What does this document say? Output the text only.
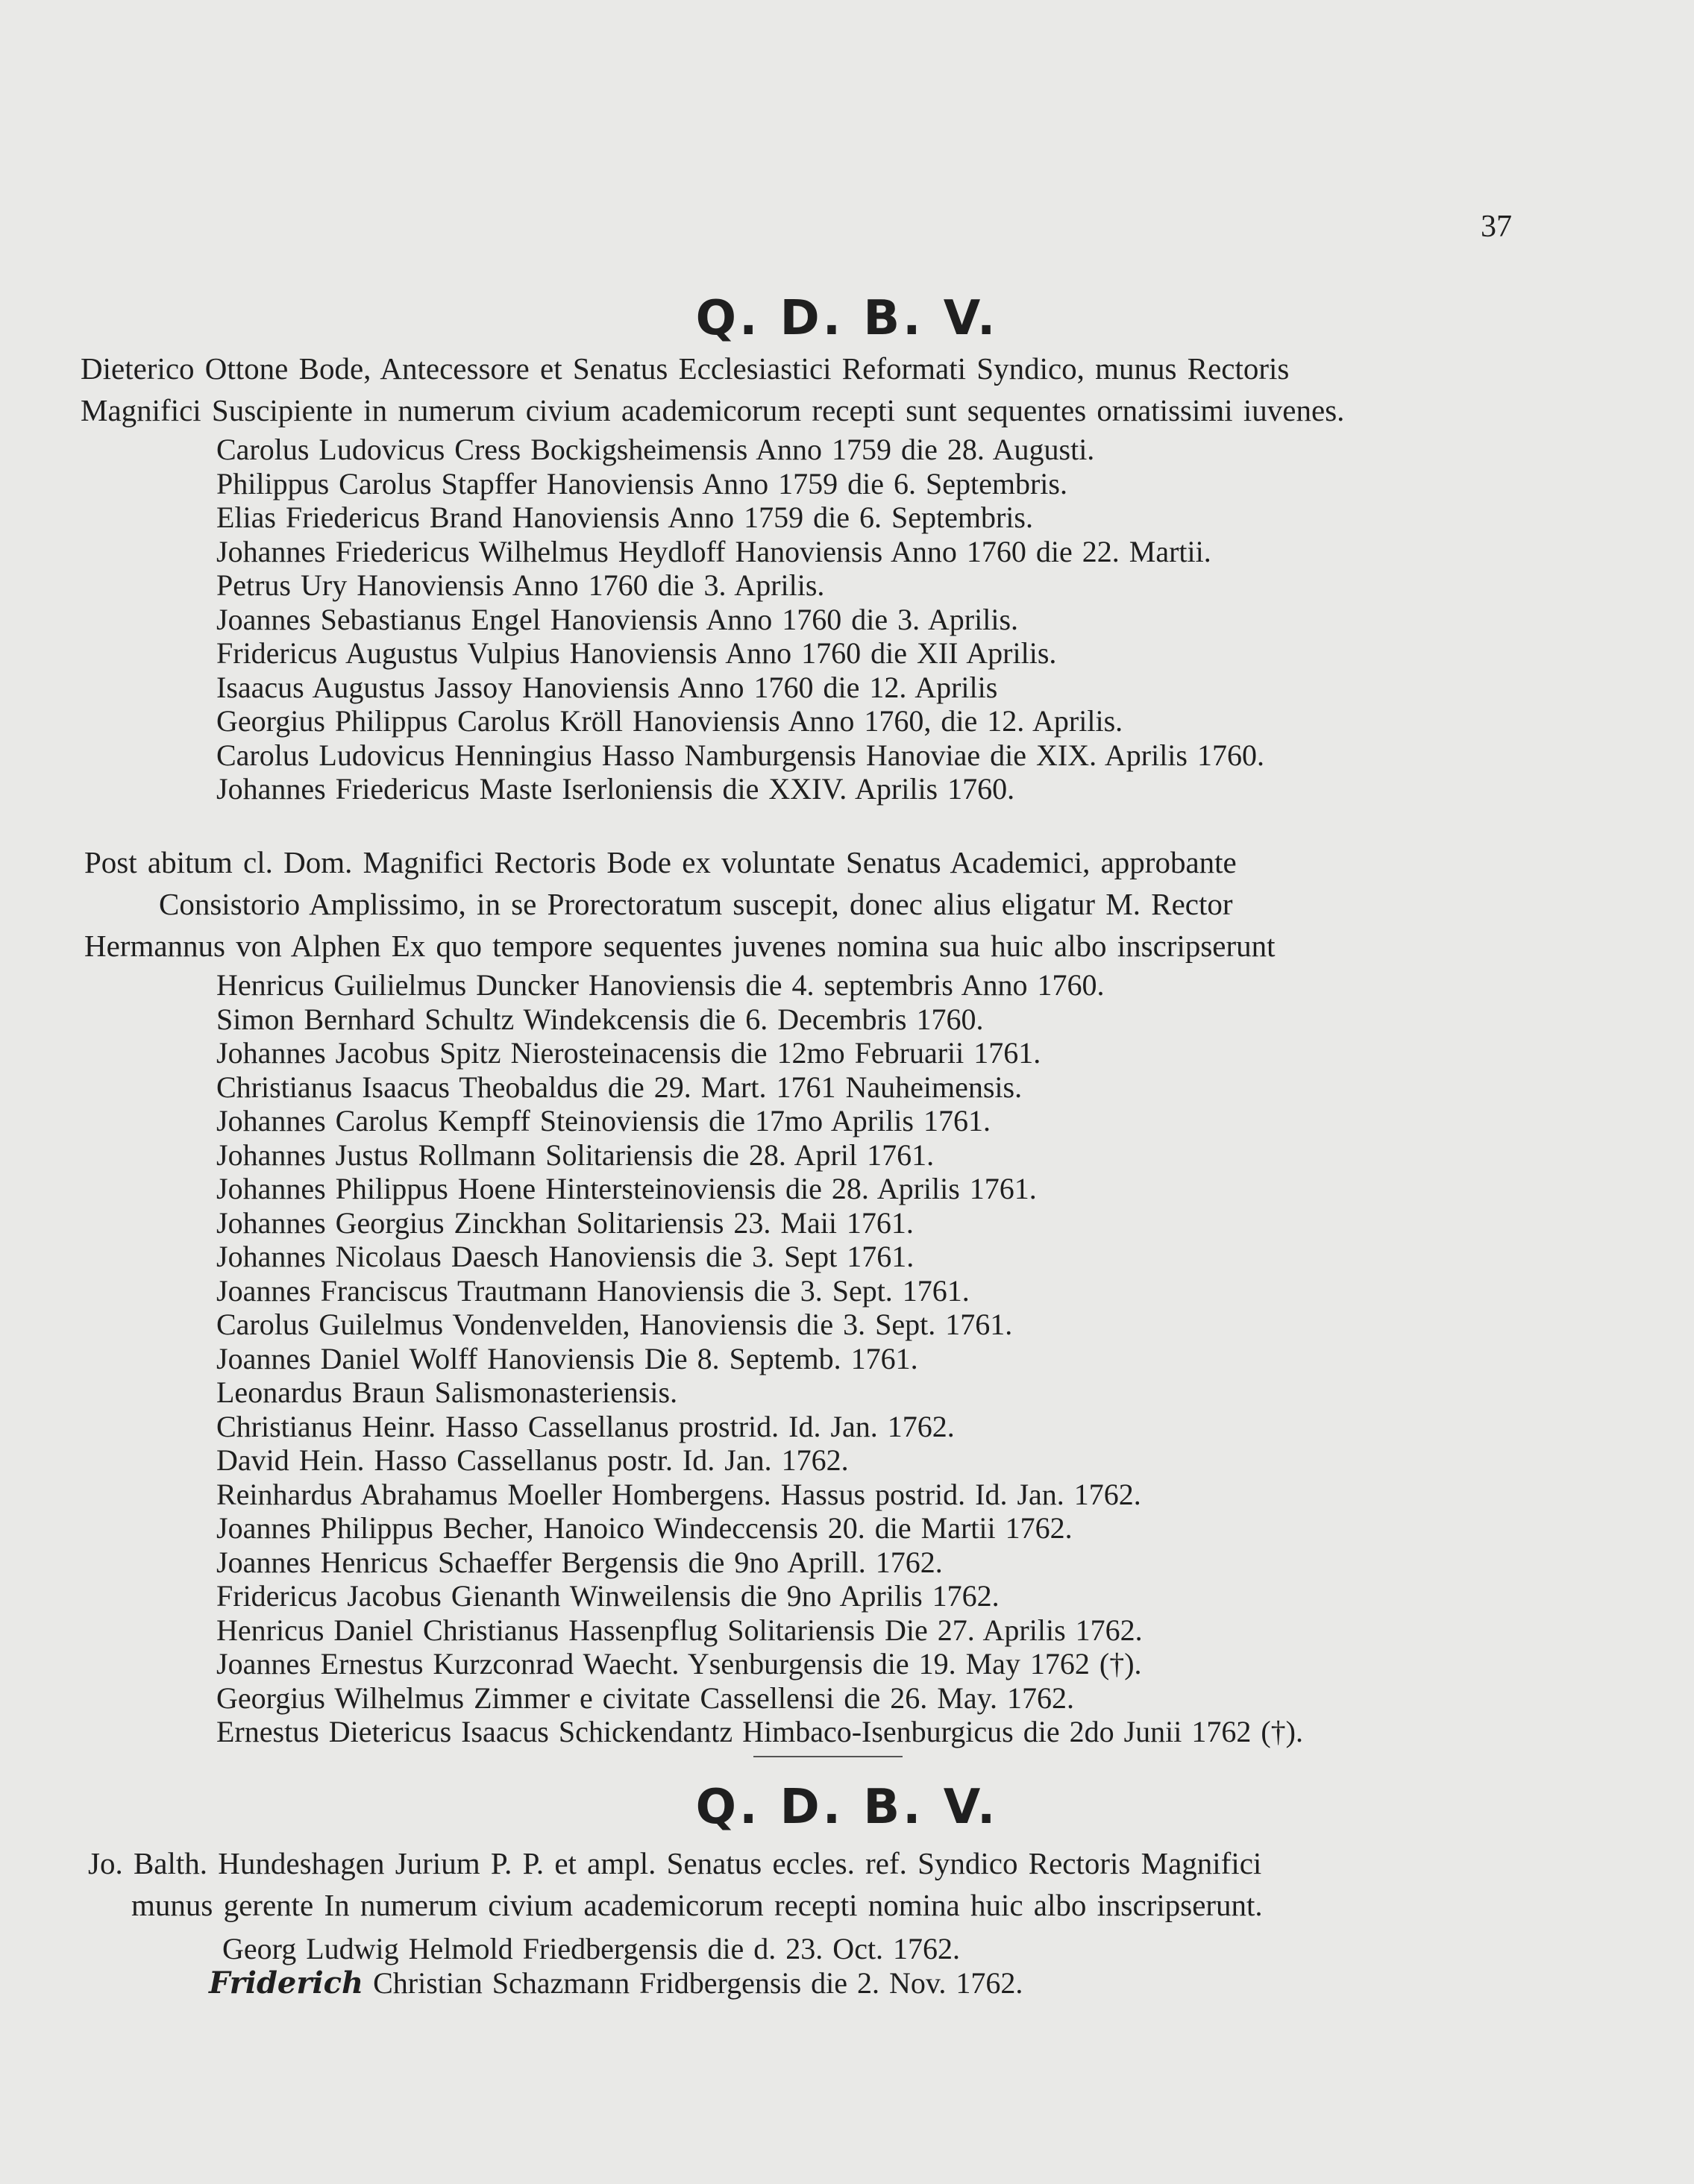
37
Q. D. B. V.
Dieterico Ottone Bode, Antecessore et Senatus Ecclesiastici Reformati Syndico, munus Rectoris
Magnifici Suscipiente in numerum civium academicorum recepti sunt sequentes ornatissimi iuvenes.
Carolus Ludovicus Cress Bockigsheimensis Anno 1759 die 28. Augusti.
Philippus Carolus Stapffer Hanoviensis Anno 1759 die 6. Septembris.
Elias Friedericus Brand Hanoviensis Anno 1759 die 6. Septembris.
Johannes Friedericus Wilhelmus Heydloff Hanoviensis Anno 1760 die 22. Martii.
Petrus Ury Hanoviensis Anno 1760 die 3. Aprilis.
Joannes Sebastianus Engel Hanoviensis Anno 1760 die 3. Aprilis.
Fridericus Augustus Vulpius Hanoviensis Anno 1760 die XII Aprilis.
Isaacus Augustus Jassoy Hanoviensis Anno 1760 die 12. Aprilis
Georgius Philippus Carolus Kröll Hanoviensis Anno 1760, die 12. Aprilis.
Carolus Ludovicus Henningius Hasso Namburgensis Hanoviae die XIX. Aprilis 1760.
Johannes Friedericus Maste Iserloniensis die XXIV. Aprilis 1760.
Post abitum cl. Dom. Magnifici Rectoris Bode ex voluntate Senatus Academici, approbante
Consistorio Amplissimo, in se Prorectoratum suscepit, donec alius eligatur M. Rector
Hermannus von Alphen Ex quo tempore sequentes juvenes nomina sua huic albo inscripserunt
Henricus Guilielmus Duncker Hanoviensis die 4. septembris Anno 1760.
Simon Bernhard Schultz Windekcensis die 6. Decembris 1760.
Johannes Jacobus Spitz Nierosteinacensis die 12mo Februarii 1761.
Christianus Isaacus Theobaldus die 29. Mart. 1761 Nauheimensis.
Johannes Carolus Kempff Steinoviensis die 17mo Aprilis 1761.
Johannes Justus Rollmann Solitariensis die 28. April 1761.
Johannes Philippus Hoene Hintersteinoviensis die 28. Aprilis 1761.
Johannes Georgius Zinckhan Solitariensis 23. Maii 1761.
Johannes Nicolaus Daesch Hanoviensis die 3. Sept 1761.
Joannes Franciscus Trautmann Hanoviensis die 3. Sept. 1761.
Carolus Guilelmus Vondenvelden, Hanoviensis die 3. Sept. 1761.
Joannes Daniel Wolff Hanoviensis Die 8. Septemb. 1761.
Leonardus Braun Salismonasteriensis.
Christianus Heinr. Hasso Cassellanus prostrid. Id. Jan. 1762.
David Hein. Hasso Cassellanus postr. Id. Jan. 1762.
Reinhardus Abrahamus Moeller Hombergens. Hassus postrid. Id. Jan. 1762.
Joannes Philippus Becher, Hanoico Windeccensis 20. die Martii 1762.
Joannes Henricus Schaeffer Bergensis die 9no Aprill. 1762.
Fridericus Jacobus Gienanth Winweilensis die 9no Aprilis 1762.
Henricus Daniel Christianus Hassenpflug Solitariensis Die 27. Aprilis 1762.
Joannes Ernestus Kurzconrad Waecht. Ysenburgensis die 19. May 1762 (†).
Georgius Wilhelmus Zimmer e civitate Cassellensi die 26. May. 1762.
Ernestus Dietericus Isaacus Schickendantz Himbaco-Isenburgicus die 2do Junii 1762 (†).
Q. D. B. V.
Jo. Balth. Hundeshagen Jurium P. P. et ampl. Senatus eccles. ref. Syndico Rectoris Magnifici
munus gerente In numerum civium academicorum recepti nomina huic albo inscripserunt.
Georg Ludwig Helmold Friedbergensis die d. 23. Oct. 1762.
Friderich Christian Schazmann Fridbergensis die 2. Nov. 1762.
